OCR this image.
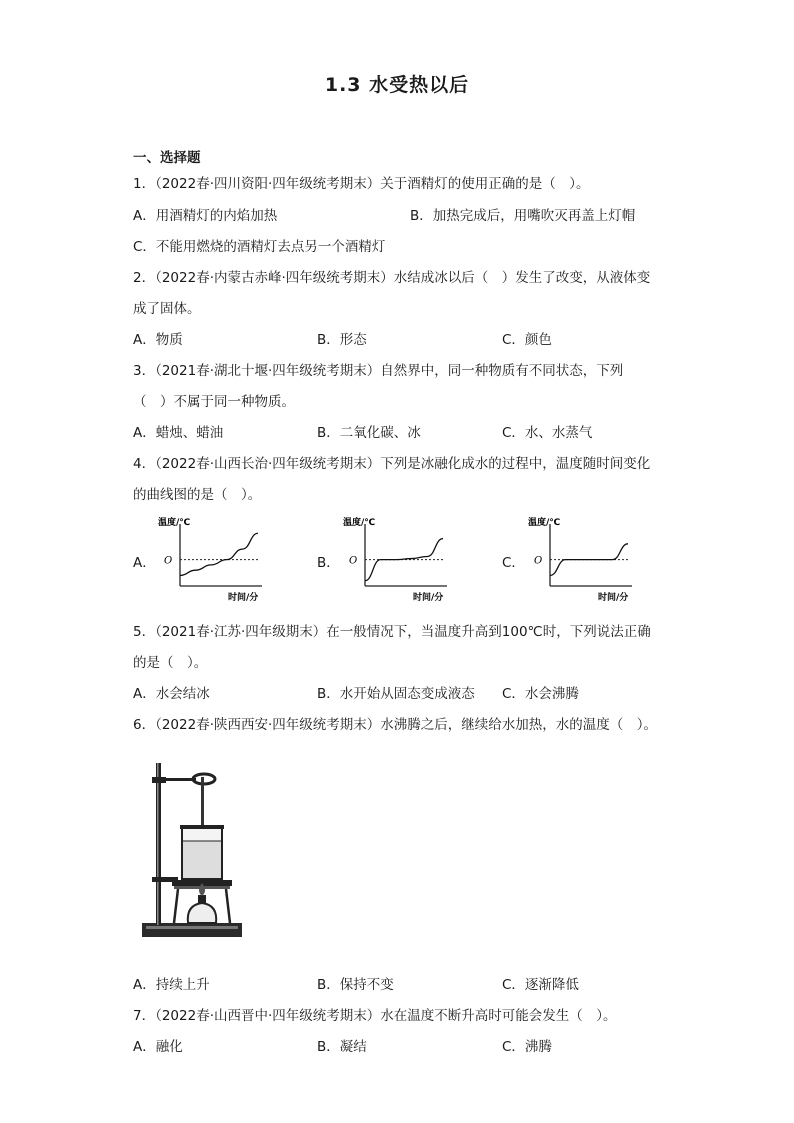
1.3 水受热以后
一、选择题
1．（2022春·四川资阳·四年级统考期末）关于酒精灯的使用正确的是（　）。
A．用酒精灯的内焰加热	B．加热完成后，用嘴吹灭再盖上灯帽
C．不能用燃烧的酒精灯去点另一个酒精灯
2．（2022春·内蒙古赤峰·四年级统考期末）水结成冰以后（　）发生了改变，从液体变
成了固体。
A．物质	B．形态	C．颜色
3．（2021春·湖北十堰·四年级统考期末）自然界中，同一种物质有不同状态，下列
（　）不属于同一种物质。
A．蜡烛、蜡油	B．二氧化碳、冰	C．水、水蒸气
4．（2022春·山西长治·四年级统考期末）下列是冰融化成水的过程中，温度随时间变化
的曲线图的是（　）。
A．	B．	C．
温度/℃
时间/分
O
温度/℃
时间/分
O
温度/℃
时间/分
O
5．（2021春·江苏·四年级期末）在一般情况下，当温度升高到100℃时，下列说法正确
的是（　）。
A．水会结冰	B．水开始从固态变成液态 C．水会沸腾
6．（2022春·陕西西安·四年级统考期末）水沸腾之后，继续给水加热，水的温度（　）。
A．持续上升	B．保持不变	C．逐渐降低
7．（2022春·山西晋中·四年级统考期末）水在温度不断升高时可能会发生（　）。
A．融化	B．凝结	C．沸腾
